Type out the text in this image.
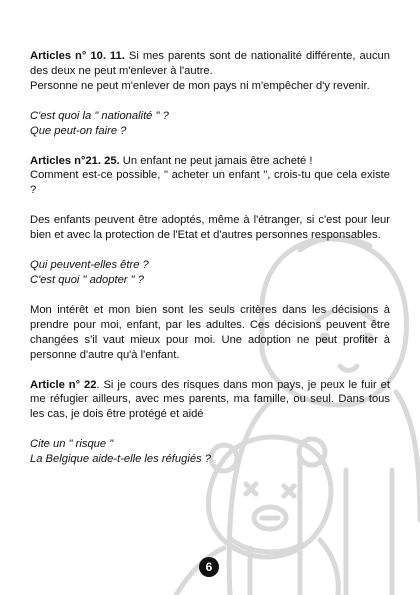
Articles n° 10. 11. Si mes parents sont de nationalité différente, aucun des deux ne peut m'enlever à l'autre.

Personne ne peut m'enlever de mon pays ni m'empêcher d'y revenir.

C'est quoi la " nationalité " ?

Que peut-on faire ?

Articles n°21. 25. Un enfant ne peut jamais être acheté !

Comment est-ce possible, " acheter un enfant ", crois-tu que cela existe ?

Des enfants peuvent être adoptés, même à l'étranger, si c'est pour leur bien et avec la protection de l'Etat et d'autres personnes responsables.

Qui peuvent-elles être ?

C'est quoi " adopter " ?

Mon intérêt et mon bien sont les seuls critères dans les décisions à prendre pour moi, enfant, par les adultes. Ces décisions peuvent être changées s'il vaut mieux pour moi. Une adoption ne peut profiter à personne d'autre qu'à l'enfant.

Article n° 22. Si je cours des risques dans mon pays, je peux le fuir et me réfugier ailleurs, avec mes parents, ma famille, ou seul. Dans tous les cas, je dois être protégé et aidé

Cite un " risque "

La Belgique aide-t-elle les réfugiés ?

6
